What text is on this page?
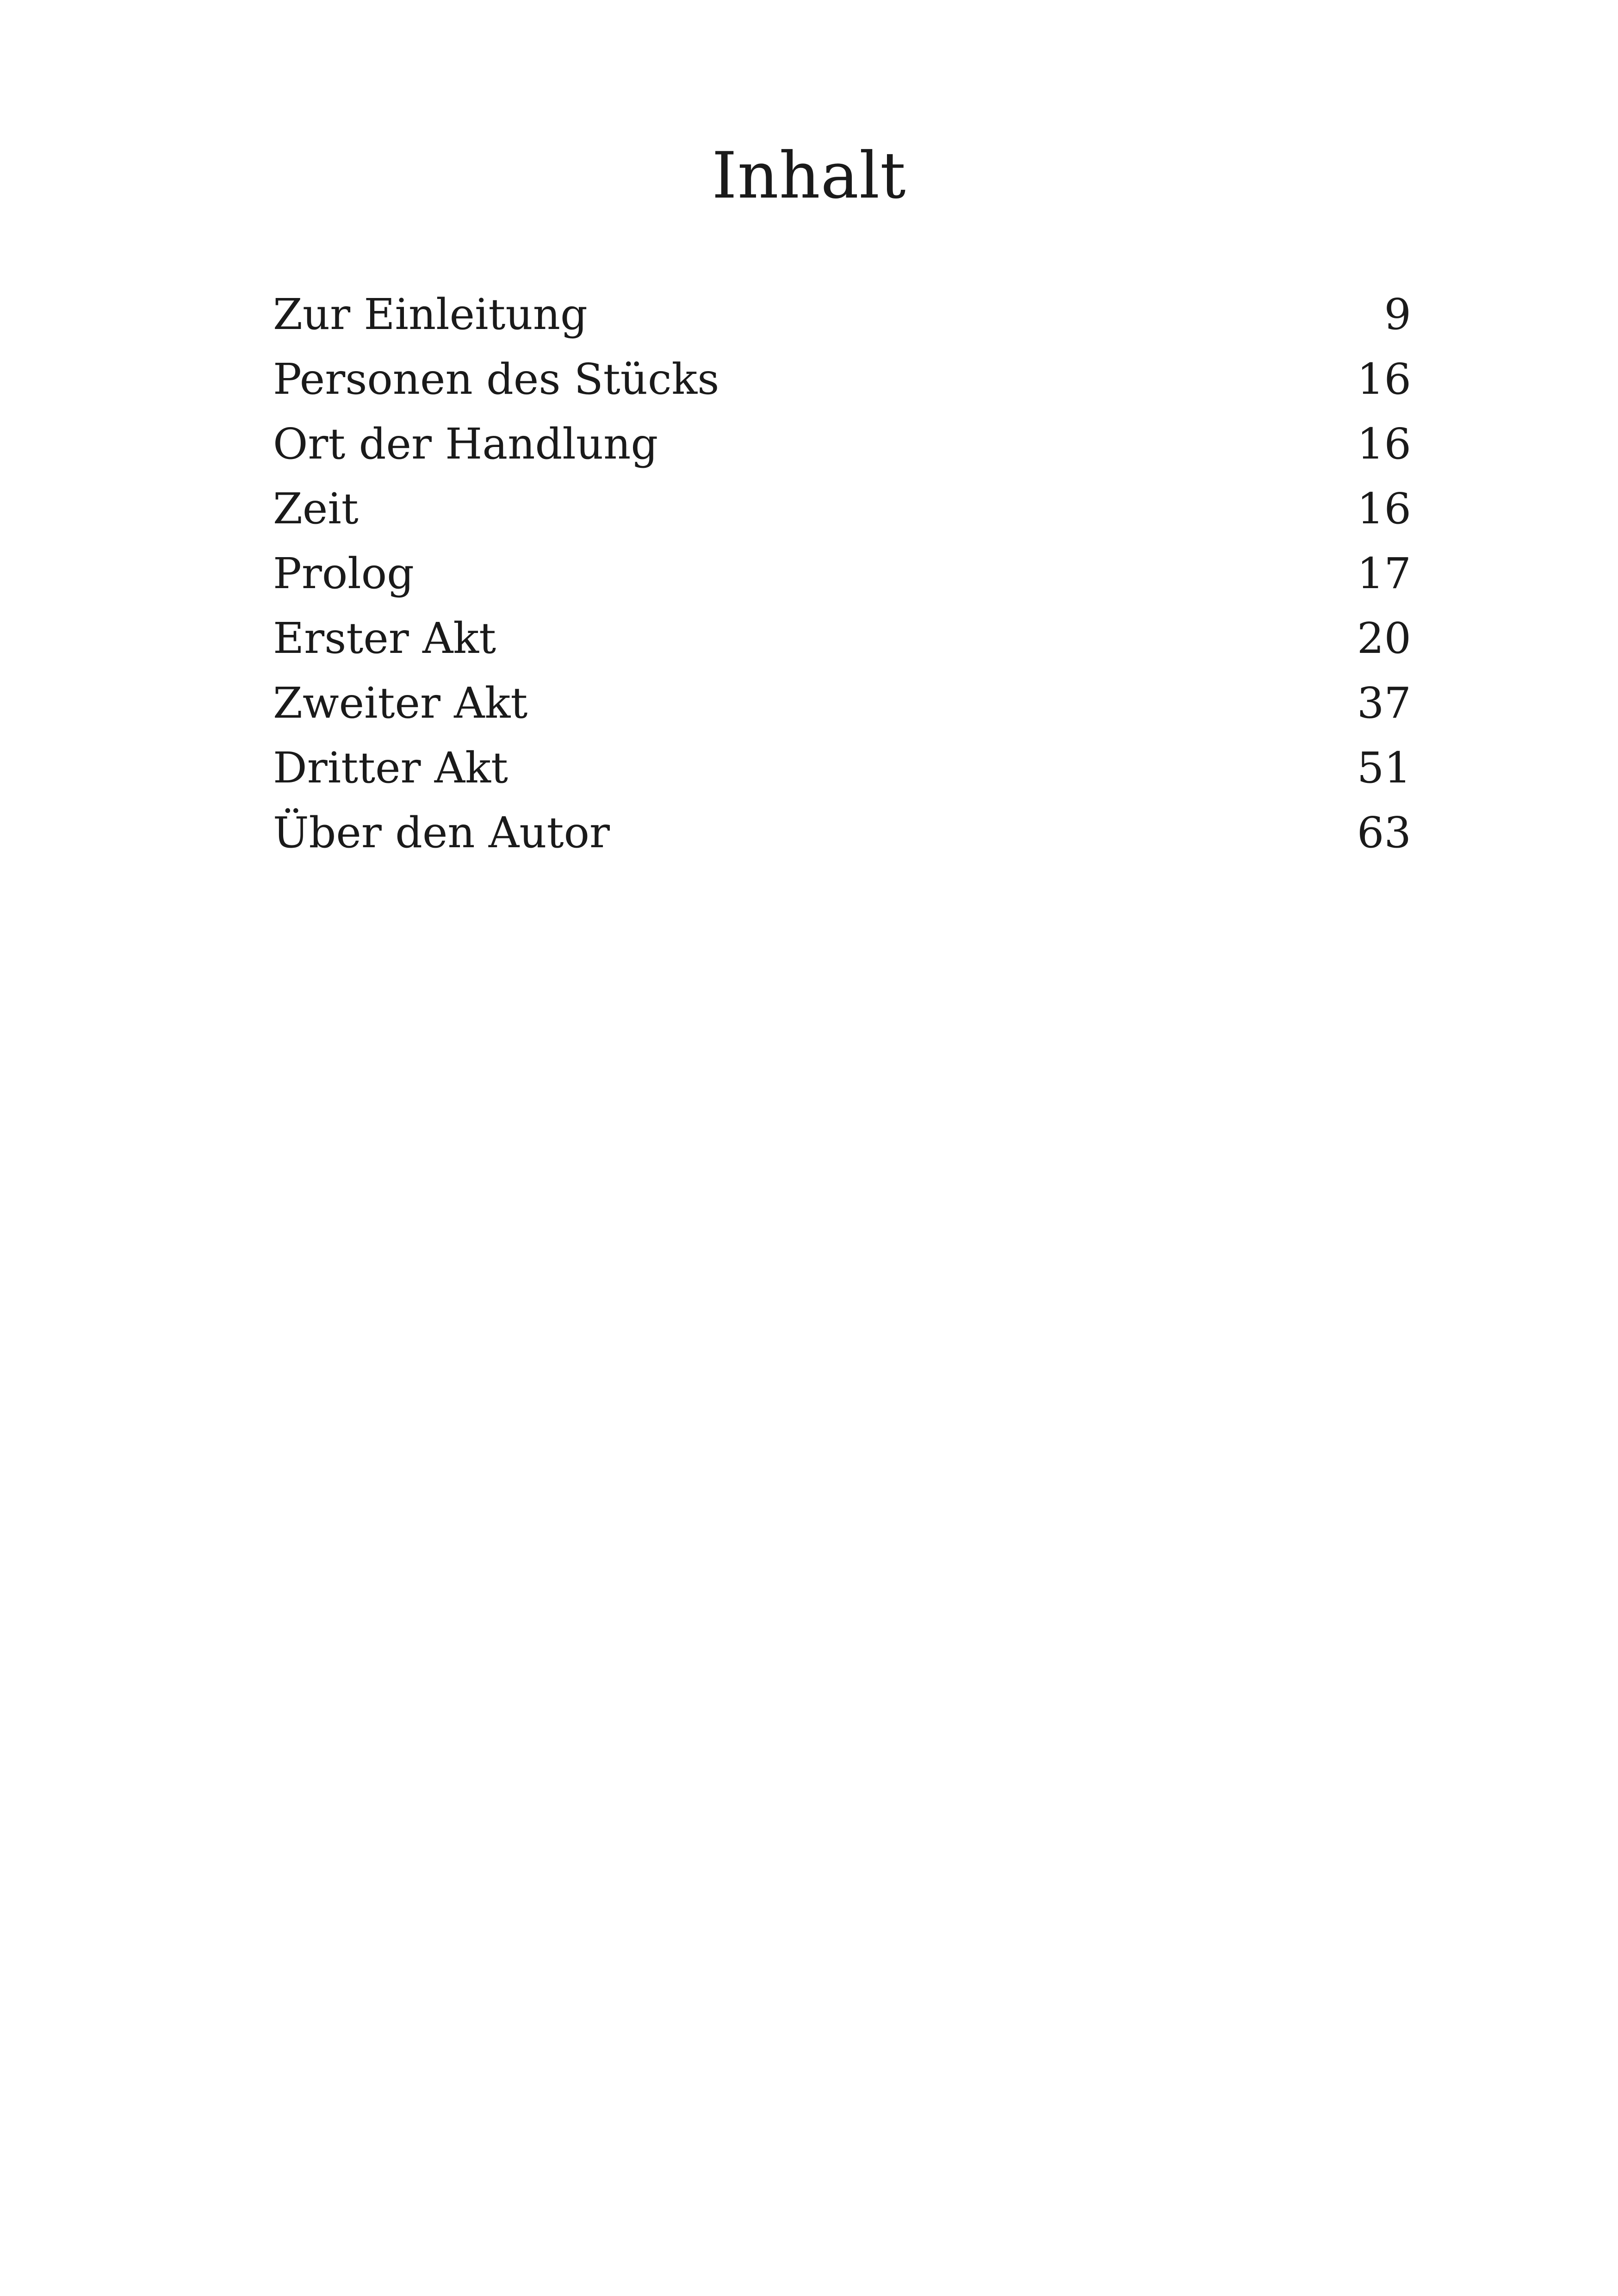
Inhalt
Zur Einleitung	9
Personen des Stücks	16
Ort der Handlung	16
Zeit	16
Prolog	17
Erster Akt	20
Zweiter Akt	37
Dritter Akt	51
Über den Autor	63
